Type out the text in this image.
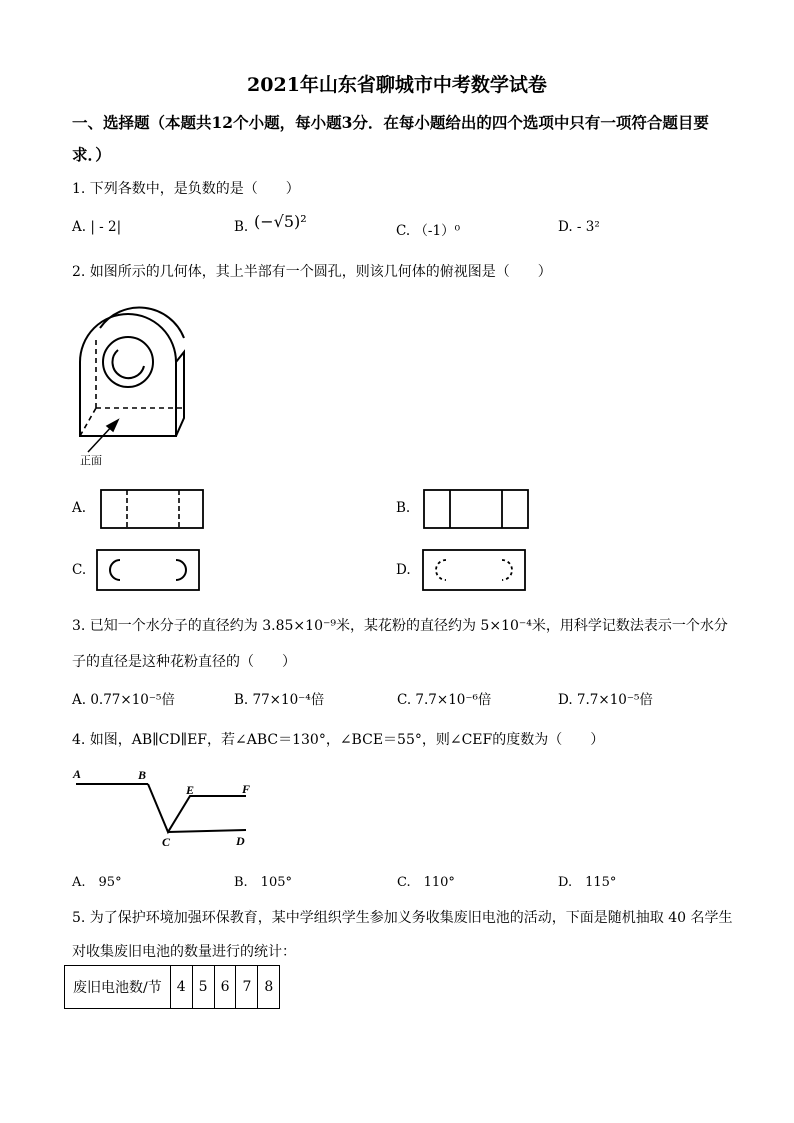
2021年山东省聊城市中考数学试卷
一、选择题（本题共12个小题，每小题3分．在每小题给出的四个选项中只有一项符合题目要求．）
1. 下列各数中，是负数的是（　　）
A. | - 2|	B. (−√5)²	C. （-1）⁰	D. - 3²
2. 如图所示的几何体，其上半部有一个圆孔，则该几何体的俯视图是（　　）
正面
A.	B.
C.	D.
3. 已知一个水分子的直径约为 3.85×10⁻⁹米，某花粉的直径约为 5×10⁻⁴米，用科学记数法表示一个水分
子的直径是这种花粉直径的（　　）
A. 0.77×10⁻⁵倍	B. 77×10⁻⁴倍	C. 7.7×10⁻⁶倍	D. 7.7×10⁻⁵倍
4. 如图，AB∥CD∥EF，若∠ABC＝130°，∠BCE＝55°，则∠CEF的度数为（　　）
A	B
C	D
E	F
A.　95°	B.　105°	C.　110°	D.　115°
5. 为了保护环境加强环保教育，某中学组织学生参加义务收集废旧电池的活动，下面是随机抽取 40 名学生
对收集废旧电池的数量进行的统计：
废旧电池数/节	4	5	6	7	8
